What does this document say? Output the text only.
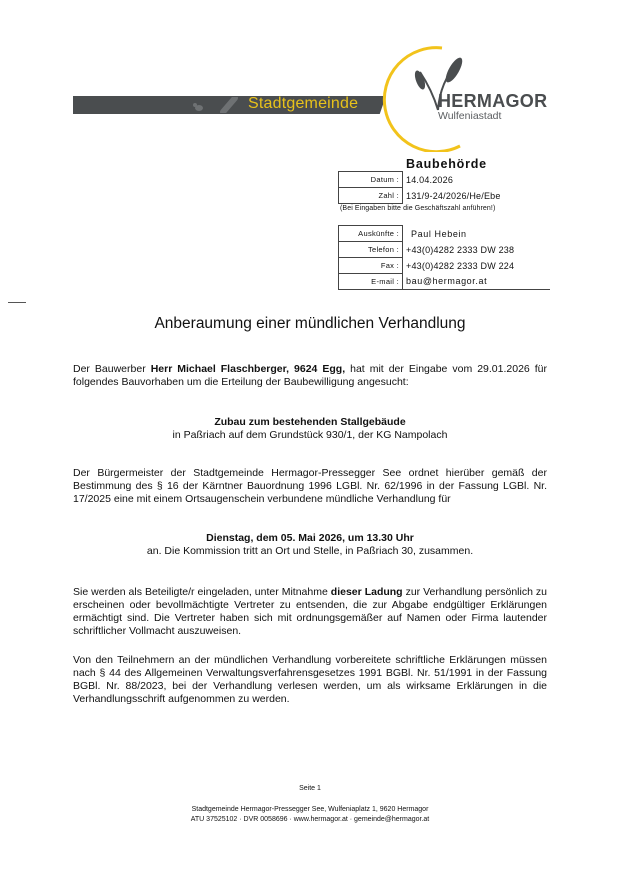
Stadtgemeinde	HERMAGOR
Wulfeniastadt
Baubehörde
Datum :	14.04.2026
Zahl :	131/9-24/2026/He/Ebe
(Bei Eingaben bitte die Geschäftszahl anführen!)
Auskünfte :	Paul Hebein
Telefon :	+43(0)4282 2333 DW 238
Fax :	+43(0)4282 2333 DW 224
E-mail :	bau@hermagor.at
Anberaumung einer mündlichen Verhandlung
Der Bauwerber Herr Michael Flaschberger, 9624 Egg, hat mit der Eingabe vom 29.01.2026 für folgendes Bauvorhaben um die Erteilung der Baubewilligung angesucht:
Zubau zum bestehenden Stallgebäude
in Paßriach auf dem Grundstück 930/1, der KG Nampolach
Der Bürgermeister der Stadtgemeinde Hermagor-Pressegger See ordnet hierüber gemäß der Bestimmung des § 16 der Kärntner Bauordnung 1996 LGBl. Nr. 62/1996 in der Fassung LGBl. Nr. 17/2025 eine mit einem Ortsaugenschein verbundene mündliche Verhandlung für
Dienstag, dem 05. Mai 2026, um 13.30 Uhr
an. Die Kommission tritt an Ort und Stelle, in Paßriach 30, zusammen.
Sie werden als Beteiligte/r eingeladen, unter Mitnahme dieser Ladung zur Verhandlung persönlich zu erscheinen oder bevollmächtigte Vertreter zu entsenden, die zur Abgabe endgültiger Erklärungen ermächtigt sind. Die Vertreter haben sich mit ordnungsgemäßer auf Namen oder Firma lautender schriftlicher Vollmacht auszuweisen.
Von den Teilnehmern an der mündlichen Verhandlung vorbereitete schriftliche Erklärungen müssen nach § 44 des Allgemeinen Verwaltungsverfahrensgesetzes 1991 BGBl. Nr. 51/1991 in der Fassung BGBl. Nr. 88/2023, bei der Verhandlung verlesen werden, um als wirksame Erklärungen in die Verhandlungsschrift aufgenommen zu werden.
Seite 1
Stadtgemeinde Hermagor-Pressegger See, Wulfeniaplatz 1, 9620 Hermagor
ATU 37525102 · DVR 0058696 · www.hermagor.at · gemeinde@hermagor.at
